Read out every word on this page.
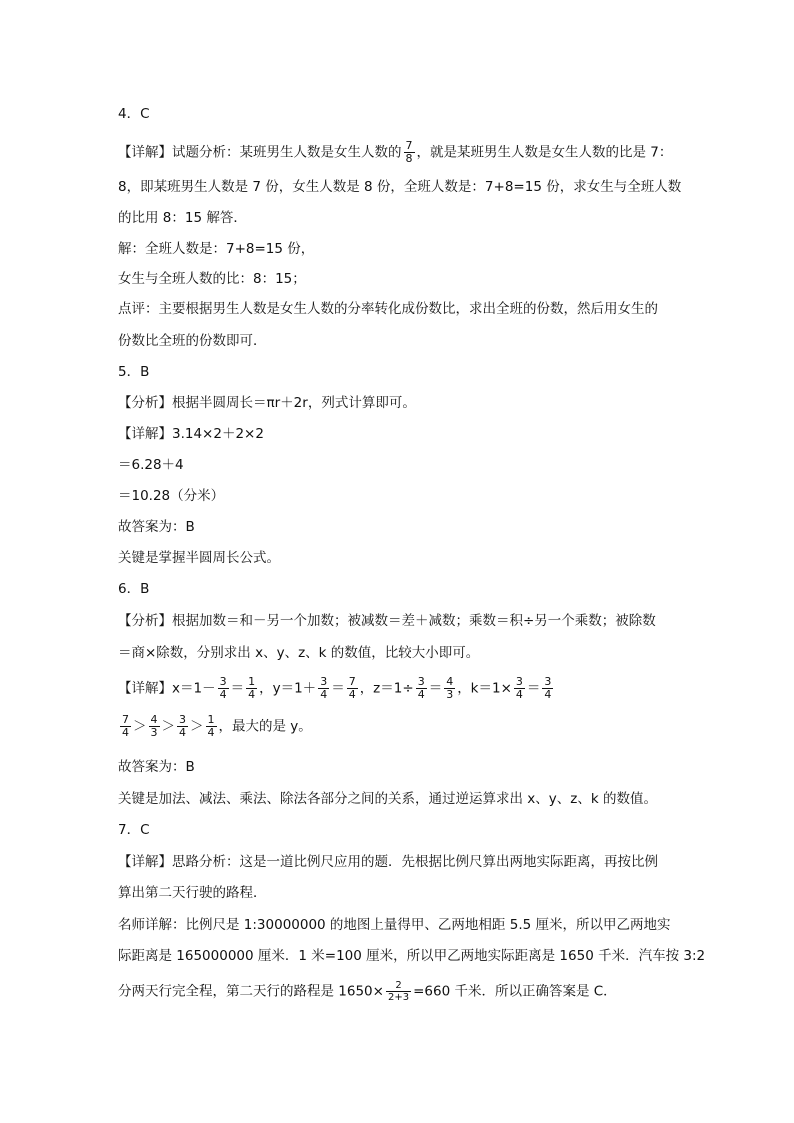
4．C
【详解】试题分析：某班男生人数是女生人数的 $\frac{7}{8}$ ，就是某班男生人数是女生人数的比是 7：
8，即某班男生人数是 7 份，女生人数是 8 份，全班人数是：7+8=15 份，求女生与全班人数
的比用 8：15 解答．
解：全班人数是：7+8=15 份，
女生与全班人数的比：8：15；
点评：主要根据男生人数是女生人数的分率转化成份数比，求出全班的份数，然后用女生的
份数比全班的份数即可．
5．B
【分析】根据半圆周长＝πr＋2r，列式计算即可。
【详解】3.14×2＋2×2
＝6.28＋4
＝10.28（分米）
故答案为：B
关键是掌握半圆周长公式。
6．B
【分析】根据加数＝和－另一个加数；被减数＝差＋减数；乘数＝积÷另一个乘数；被除数
＝商×除数，分别求出 x、y、z、k 的数值，比较大小即可。
【详解】$x=1- \frac{3}{4} = \frac{1}{4}$ ，$y=1+ \frac{3}{4} = \frac{7}{4}$ ，$z=1\div \frac{3}{4} = \frac{4}{3}$ ，$k=1\times \frac{3}{4} = \frac{3}{4}$
$\frac{7}{4} > \frac{4}{3} > \frac{3}{4} > \frac{1}{4}$ ，最大的是 y。
故答案为：B
关键是加法、减法、乘法、除法各部分之间的关系，通过逆运算求出 x、y、z、k 的数值。
7．C
【详解】思路分析：这是一道比例尺应用的题．先根据比例尺算出两地实际距离，再按比例
算出第二天行驶的路程．
名师详解：比例尺是 1:30000000 的地图上量得甲、乙两地相距 5.5 厘米，所以甲乙两地实
际距离是 165000000 厘米．1 米=100 厘米，所以甲乙两地实际距离是 1650 千米．汽车按 3:2
分两天行完全程，第二天行的路程是 $1650\times \frac{2}{2+3} =660$ 千米．所以正确答案是 C．
